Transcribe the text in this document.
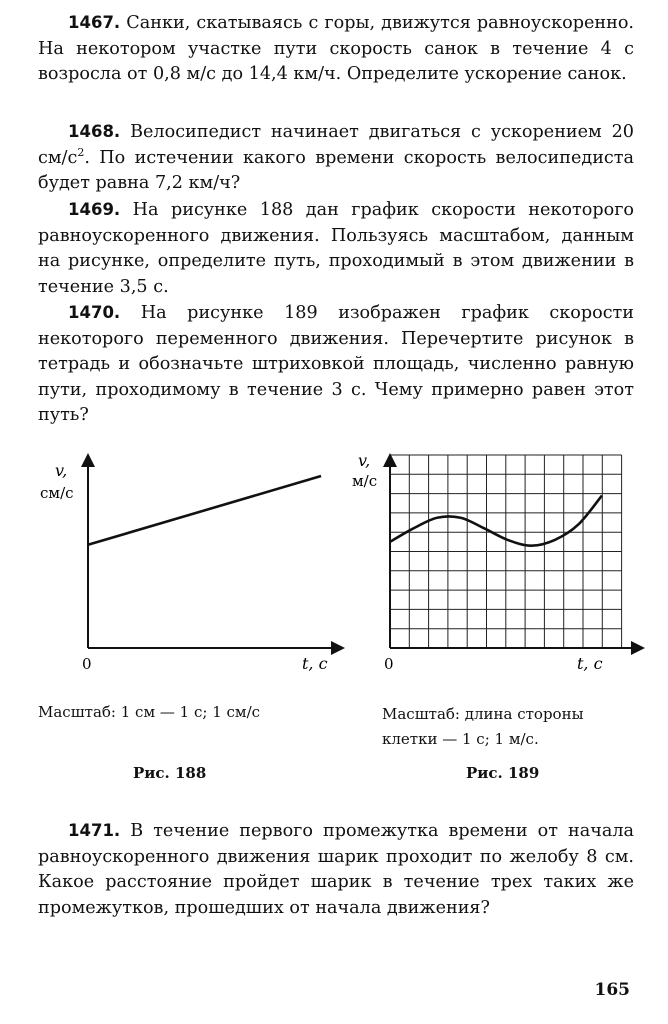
1467. Санки, скатываясь с горы, движутся равноускоренно. На некотором участке пути скорость санок в течение 4 с возросла от 0,8 м/с до 14,4 км/ч. Определите ускорение санок.
1468. Велосипедист начинает двигаться с ускорением 20 $см/с^2$. По истечении какого времени скорость велосипедиста будет равна 7,2 км/ч?
1469. На рисунке 188 дан график скорости некоторого равноускоренного движения. Пользуясь масштабом, данным на рисунке, определите путь, проходимый в этом движении в течение 3,5 с.
1470. На рисунке 189 изображен график скорости некоторого переменного движения. Перечертите рисунок в тетрадь и обозначьте штриховкой площадь, численно равную пути, проходимому в течение 3 с. Чему примерно равен этот путь?
v,
см/с
0	t, с
v,
м/с
0	t, с
Масштаб: 1 см — 1 с; 1 см/с	Масштаб: длина стороны
клетки — 1 с; 1 м/с.
Рис. 188	Рис. 189
1471. В течение первого промежутка времени от начала равноускоренного движения шарик проходит по желобу 8 см. Какое расстояние пройдет шарик в течение трех таких же промежутков, прошедших от начала движения?
165
